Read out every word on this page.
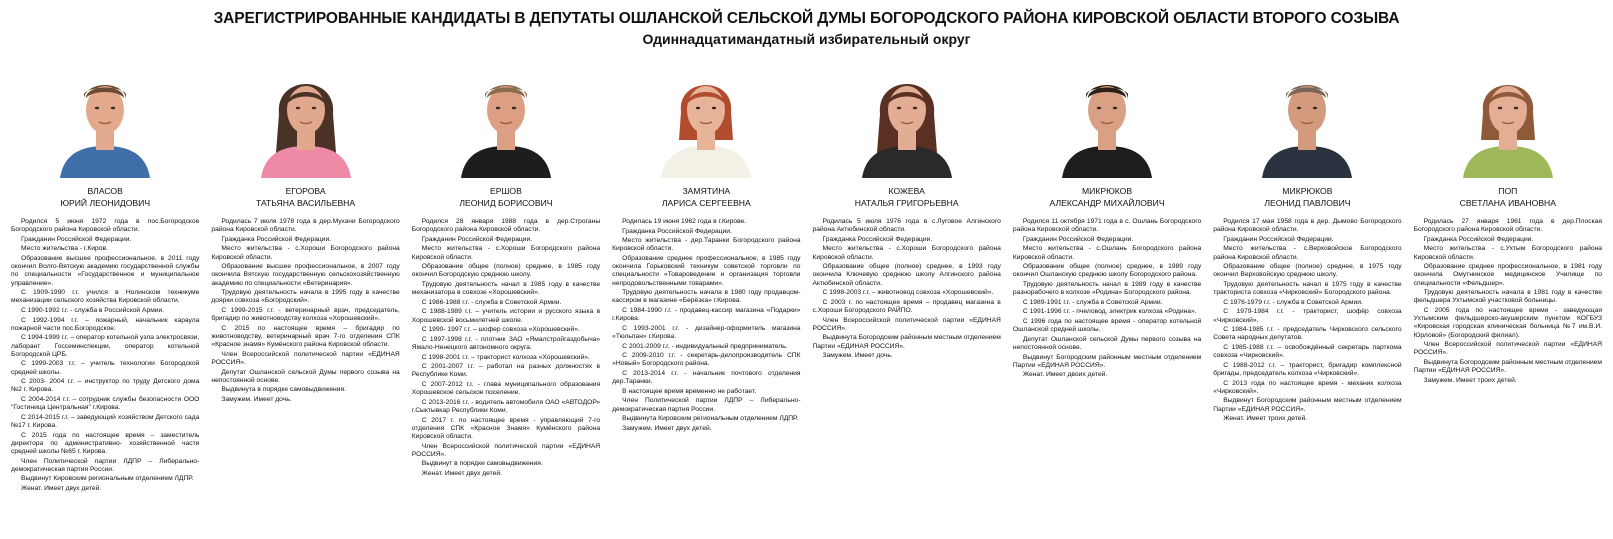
ЗАРЕГИСТРИРОВАННЫЕ КАНДИДАТЫ В ДЕПУТАТЫ ОШЛАНСКОЙ СЕЛЬСКОЙ ДУМЫ БОГОРОДСКОГО РАЙОНА КИРОВСКОЙ ОБЛАСТИ ВТОРОГО СОЗЫВА
Одиннадцатимандатный избирательный округ
ВЛАСОВ
ЮРИЙ ЛЕОНИДОВИЧ

Родился 5 июня 1972 года в пос.Богородское Богородского района Кировской области.

Гражданин Российской Федерации.

Место жительства - г.Киров.

Образование высшее профессиональное, в 2011 году окончил Волго-Вятскую академию государственной службы по специальности «Государственное и муниципальное управление».

С 1909-1990 г.г. учился в Нолинском техникуме механизации сельского хозяйства Кировской области.

С 1990-1992 г.г. - служба в Российской Армии.

С 1992-1994 г.г. – пожарный, начальник караула пожарной части пос.Богородское.

С 1994-1999 г.г. – оператор котельной узла электросвязи, лаборант Госсеминспекции, оператор котельной Богородской ЦРБ.

С 1999-2003 г.г. – учитель технологии Богородской средней школы.

С 2003- 2004 г.г. – инструктор по труду Детского дома №2 г. Кирова.

С 2004-2014 г.г. – сотрудник службы безопасности ООО "Гостиница Центральная" г.Кирова.

С 2014-2015 г.г. – заведующий хозяйством Детского сада №17 г. Кирова.

С 2015 года по настоящее время – заместитель директора по административно- хозяйственной части средней школы №65 г. Кирова.

Член Политической партии ЛДПР – Либерально-демократическая партия России.

Выдвинут Кировским региональным отделением ЛДПР.

Женат. Имеет двух детей.

ЕГОРОВА
ТАТЬЯНА ВАСИЛЬЕВНА

Родилась 7 июля 1978 года в дер.Мухачи Богородского района Кировской области.

Гражданка Российской Федерации.

Место жительства - с.Хороши Богородского района Кировской области.

Образование высшее профессиональное, в 2007 году окончила Вятскую государственную сельскохозяйственную академию по специальности «Ветеринария».

Трудовую деятельность начала в 1995 году в качестве доярки совхоза «Богородский».

С 1999-2015 г.г. - ветеринарный врач, председатель, бригадир по животноводству колхоза «Хорошевский».

С 2015 по настоящее время – бригадир по животноводству, ветеринарный врач 7-го отделения СПК «Красное знамя» Кумёнского района Кировской области.

Член Всероссийской политической партии «ЕДИНАЯ РОССИЯ».

Депутат Ошланской сельской Думы первого созыва на непостоянной основе.

Выдвинута в порядке самовыдвижения.

Замужем. Имеет дочь.

ЕРШОВ
ЛЕОНИД БОРИСОВИЧ

Родился 28 января 1988 года в дер.Строганы Богородского района Кировской области.

Гражданин Российской Федерации.

Место жительства - с.Хороши Богородского района Кировской области.

Образование общее (полное) среднее, в 1985 году окончил Богородскую среднюю школу.

Трудовую деятельность начал в 1985 году в качестве механизатора в совхозе «Хорошевский».

С 1986-1988 г.г. - служба в Советской Армии.

С 1988-1989 г.г. – учитель истории и русского языка в Хорошевской восьмилетней школе.

С 1990- 1997 г.г. – шофер совхоза «Хорошевский».

С 1997-1998 г.г. - плотник ЗАО «Ямалстройгаздобыча» Ямало-Ненецкого автономного округа.

С 1998-2001 г.г. – тракторист колхоза «Хорошевский».

С 2001-2007 г.г. – работал на разных должностях в Республике Коми.

С 2007-2012 г.г. - глава муниципального образования Хорошевское сельское поселение.

С 2013-2016 г.г. - водитель автомобиля ОАО «АВТОДОР» г.Сыктывкар Республики Коми.

С 2017 г. по настоящее время - управляющий 7-го отделения СПК «Красное Знамя» Кумёнского района Кировской области.

Член Всероссийской политической партии «ЕДИНАЯ РОССИЯ».

Выдвинут в порядке самовыдвижения.

Женат. Имеет двух детей.

ЗАМЯТИНА
ЛАРИСА СЕРГЕЕВНА

Родилась 19 июня 1962 года в г.Кирове.

Гражданка Российской Федерации.

Место жительства - дер.Таранки Богородского района Кировской области.

Образование среднее профессиональное, в 1985 году окончила Горьковский техникум советской торговли по специальности «Товароведение и организация торговли непродовольственными товарами».

Трудовую деятельность начала в 1980 году продавцом-кассиром в магазине «Берёзка» г.Кирова.

С 1984-1990 г.г. - продавец-кассир магазина «Подарки» г.Кирова.

С 1993-2001 г.г. - дизайнер-оформитель магазина «Тюльпан» г.Кирова.

С 2001-2009 г.г. - индивидуальный предприниматель.

С 2009-2010 г.г. - секретарь-делопроизводитель СПК «Новый» Богородского района.

С 2013-2014 г.г. - начальник почтового отделения дер.Таранки.

В настоящее время временно не работает.

Член Политической партии ЛДПР – Либерально-демократическая партия России.

Выдвинута Кировским региональным отделением ЛДПР.

Замужем. Имеет двух детей.

КОЖЕВА
НАТАЛЬЯ ГРИГОРЬЕВНА

Родилась 5 июля 1976 года в с.Луговое Алгинского района Актюбинской области.

Гражданка Российской Федерации.

Место жительства - с.Хороши Богородского района Кировской области.

Образование общее (полное) среднее, в 1993 году окончила Ключевую среднюю школу Алгинского района Актюбинской области.

С 1998-2003 г.г. – животновод совхоза «Хорошевский».

С 2003 г. по настоящее время – продавец магазина в с.Хороши Богородского РАЙПО.

Член Всероссийской политической партии «ЕДИНАЯ РОССИЯ».

Выдвинута Богородским районным местным отделением Партии «ЕДИНАЯ РОССИЯ».

Замужем. Имеет дочь.

МИКРЮКОВ
АЛЕКСАНДР МИХАЙЛОВИЧ

Родился 11 октября 1971 года в с. Ошлань Богородского района Кировской области.

Гражданин Российской Федерации.

Место жительства - с.Ошлань Богородского района Кировской области.

Образование общее (полное) среднее, в 1989 году окончил Ошланскую среднюю школу Богородского района.

Трудовую деятельность начал в 1989 году в качестве разнорабочего в колхозе «Родина» Богородского района.

С 1989-1991 г.г. - служба в Советской Армии.

С 1991-1996 г.г. - пчеловод, электрик колхоза «Родина».

С 1996 года по настоящее время - оператор котельной Ошланской средней школы.

Депутат Ошланской сельской Думы первого созыва на непостоянной основе.

Выдвинут Богородским районным местным отделением Партии «ЕДИНАЯ РОССИЯ».

Женат. Имеет двоих детей.

МИКРЮКОВ
ЛЕОНИД ПАВЛОВИЧ

Родился 17 мая 1958 года в дер. Дымово Богородского района Кировской области.

Гражданин Российской Федерации.

Место жительства - с.Верховойское Богородского района Кировской области.

Образование общее (полное) среднее, в 1975 году окончил Верховойскую среднюю школу.

Трудовую деятельность начал в 1975 году в качестве тракториста совхоза «Чирковский» Богородского района.

С 1976-1979 г.г. - служба в Советской Армии.

С 1979-1984 г.г. - тракторист, шофёр совхоза «Чирковский».

С 1984-1985 г.г. - председатель Чирковского сельского Совета народных депутатов.

С 1985-1988 г.г. – освобождённый секретарь парткома совхоза «Чирковский».

С 1988-2012 г.г. – тракторист, бригадир комплексной бригады, председатель колхоза «Чирковский».

С 2013 года по настоящее время - механик колхоза «Чирковский».

Выдвинут Богородским районным местным отделением Партии «ЕДИНАЯ РОССИЯ».

Женат. Имеет троих детей.

ПОП
СВЕТЛАНА ИВАНОВНА

Родилась 27 января 1961 года в дер.Плоская Богородского района Кировской области.

Гражданка Российской Федерации.

Место жительства - с.Ухтым Богородского района Кировской области.

Образование среднее профессиональное, в 1981 году окончила Омутнинское медицинское Училище по специальности «Фельдшер».

Трудовую деятельность начала в 1981 году в качестве фельдшера Ухтымской участковой больницы.

С 2005 года по настоящее время - заведующая Ухтымским фельдшерско-акушерским пунктом КОГБУЗ «Кировская городская клиническая больница №7 им.В.И. Юрловой» (Богородский филиал).

Член Всероссийской политической партии «ЕДИНАЯ РОССИЯ».

Выдвинута Богородским районным местным отделением Партии «ЕДИНАЯ РОССИЯ».

Замужем. Имеет троих детей.
